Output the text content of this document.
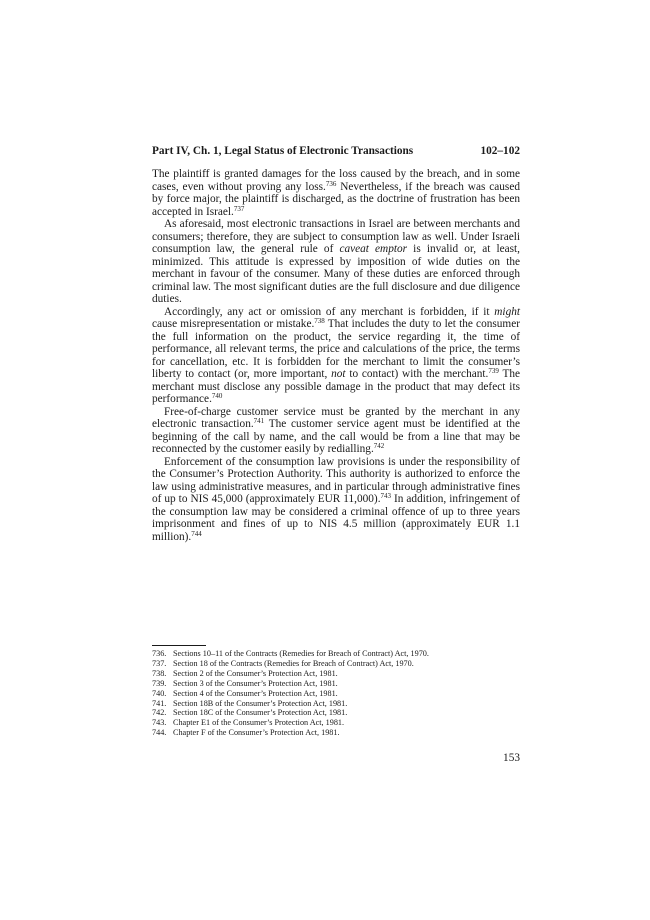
Part IV, Ch. 1, Legal Status of Electronic Transactions	102–102

The plaintiff is granted damages for the loss caused by the breach, and in some cases, even without proving any loss.$^{736}$ Nevertheless, if the breach was caused by force major, the plaintiff is discharged, as the doctrine of frustration has been accepted in Israel.$^{737}$

As aforesaid, most electronic transactions in Israel are between merchants and consumers; therefore, they are subject to consumption law as well. Under Israeli consumption law, the general rule of caveat emptor is invalid or, at least, minimized. This attitude is expressed by imposition of wide duties on the merchant in favour of the consumer. Many of these duties are enforced through criminal law. The most significant duties are the full disclosure and due diligence duties.

Accordingly, any act or omission of any merchant is forbidden, if it might cause misrepresentation or mistake.$^{738}$ That includes the duty to let the consumer the full information on the product, the service regarding it, the time of performance, all relevant terms, the price and calculations of the price, the terms for cancellation, etc. It is forbidden for the merchant to limit the consumer’s liberty to contact (or, more important, not to contact) with the merchant.$^{739}$ The merchant must disclose any possible damage in the product that may defect its performance.$^{740}$

Free-of-charge customer service must be granted by the merchant in any electronic transaction.$^{741}$ The customer service agent must be identified at the beginning of the call by name, and the call would be from a line that may be reconnected by the customer easily by redialling.$^{742}$

Enforcement of the consumption law provisions is under the responsibility of the Consumer’s Protection Authority. This authority is authorized to enforce the law using administrative measures, and in particular through administrative fines of up to NIS 45,000 (approximately EUR 11,000).$^{743}$ In addition, infringement of the consumption law may be considered a criminal offence of up to three years imprisonment and fines of up to NIS 4.5 million (approximately EUR 1.1 million).$^{744}$

736. Sections 10–11 of the Contracts (Remedies for Breach of Contract) Act, 1970.
737. Section 18 of the Contracts (Remedies for Breach of Contract) Act, 1970.
738. Section 2 of the Consumer’s Protection Act, 1981.
739. Section 3 of the Consumer’s Protection Act, 1981.
740. Section 4 of the Consumer’s Protection Act, 1981.
741. Section 18B of the Consumer’s Protection Act, 1981.
742. Section 18C of the Consumer’s Protection Act, 1981.
743. Chapter E1 of the Consumer’s Protection Act, 1981.
744. Chapter F of the Consumer’s Protection Act, 1981.
153
